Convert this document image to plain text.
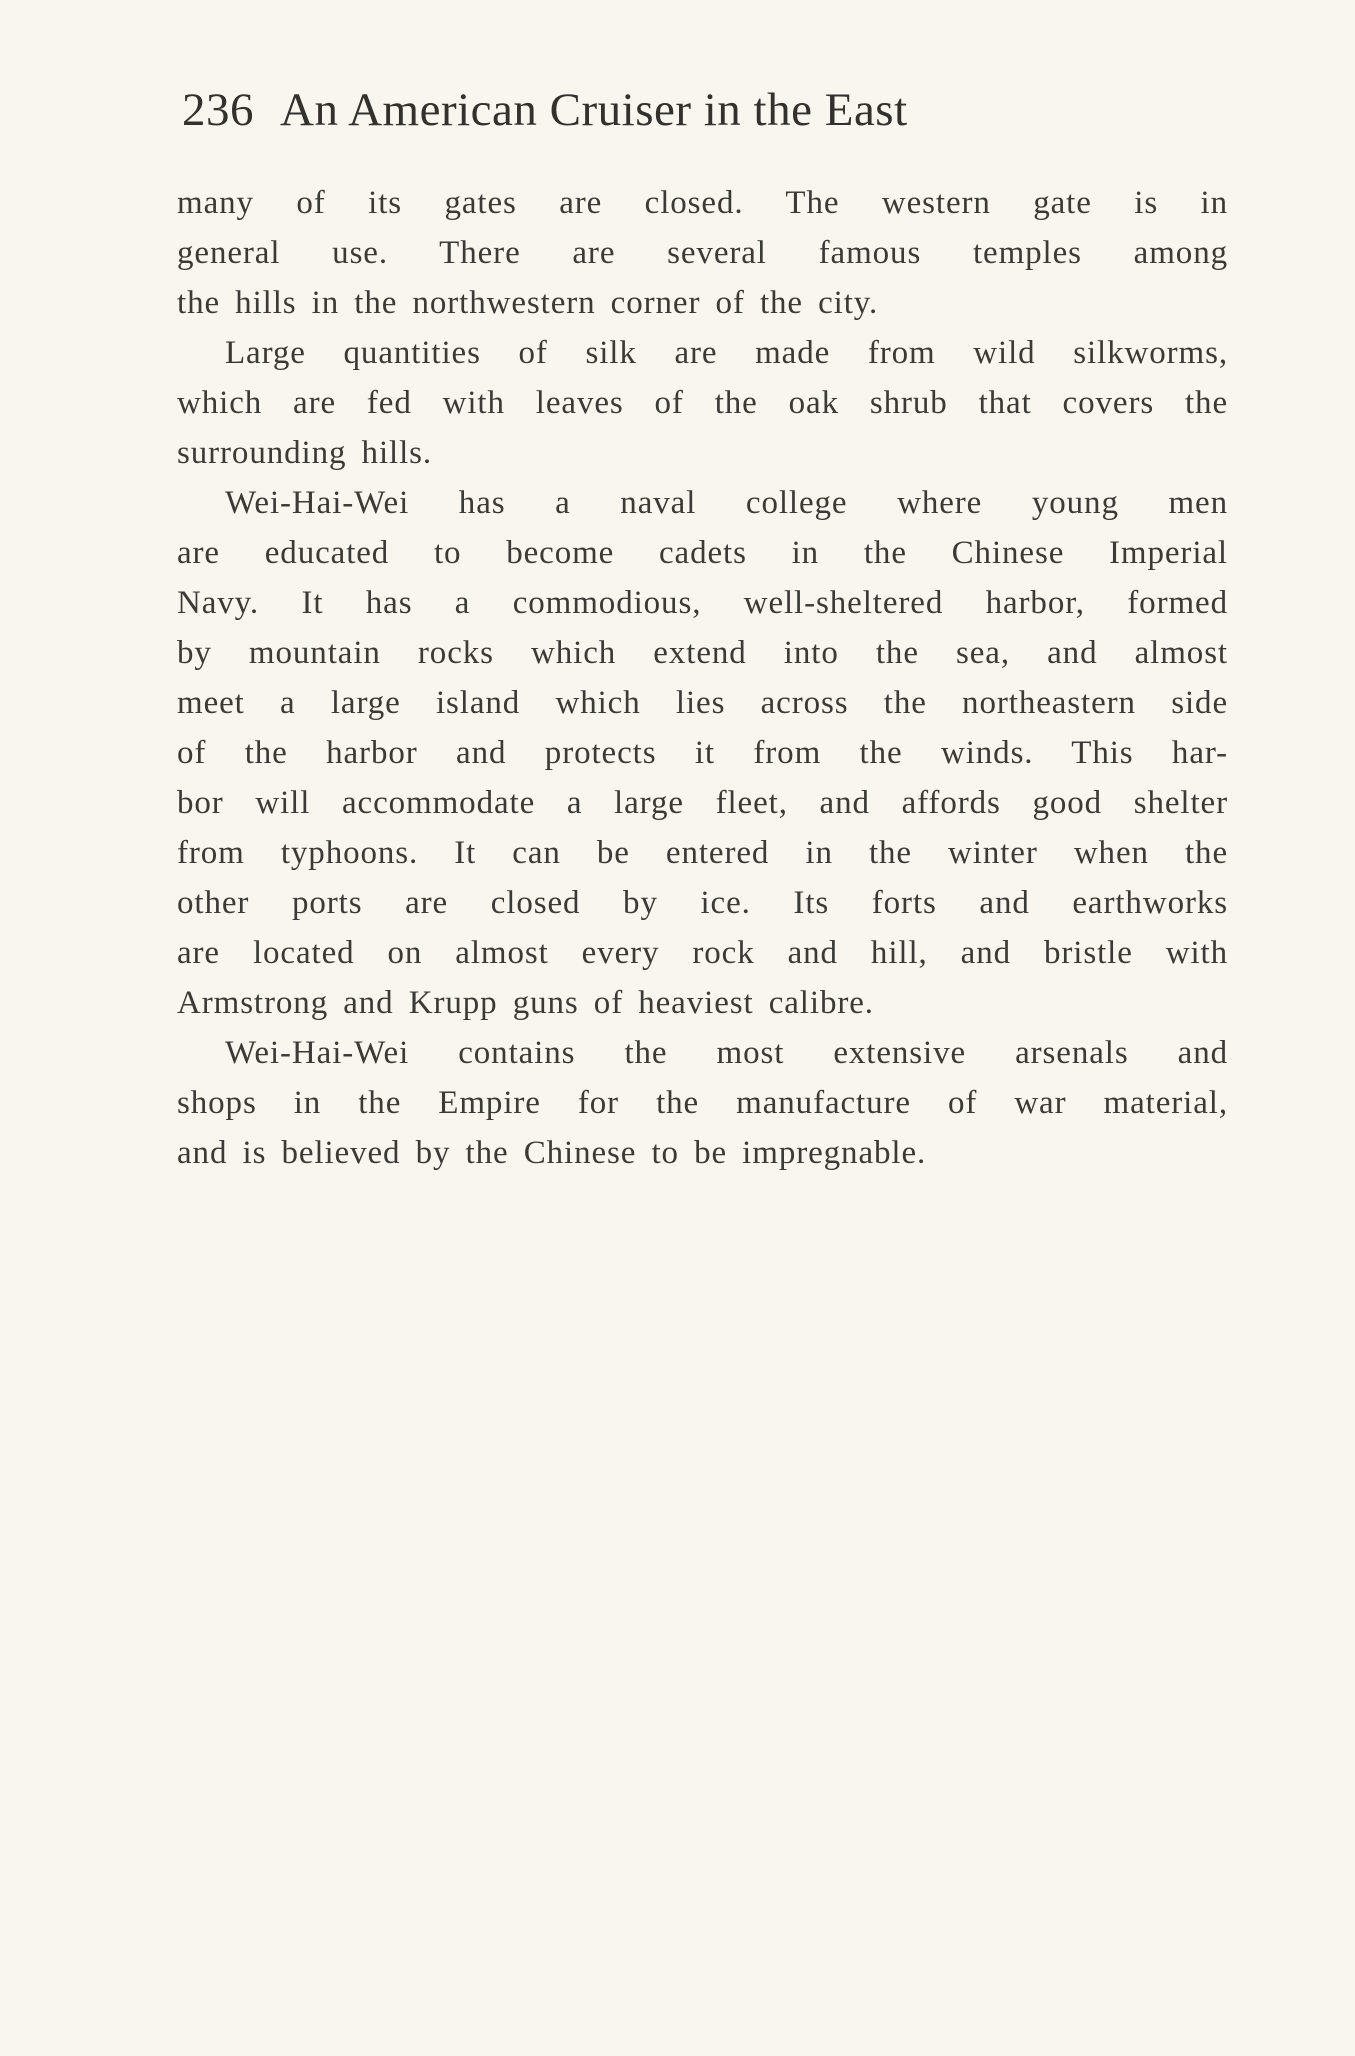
236 An American Cruiser in the East
many of its gates are closed. The western gate is in
general use. There are several famous temples among
the hills in the northwestern corner of the city.
Large quantities of silk are made from wild silkworms,
which are fed with leaves of the oak shrub that covers the
surrounding hills.
Wei-Hai-Wei has a naval college where young men
are educated to become cadets in the Chinese Imperial
Navy. It has a commodious, well-sheltered harbor, formed
by mountain rocks which extend into the sea, and almost
meet a large island which lies across the northeastern side
of the harbor and protects it from the winds. This har-
bor will accommodate a large fleet, and affords good shelter
from typhoons. It can be entered in the winter when the
other ports are closed by ice. Its forts and earthworks
are located on almost every rock and hill, and bristle with
Armstrong and Krupp guns of heaviest calibre.
Wei-Hai-Wei contains the most extensive arsenals and
shops in the Empire for the manufacture of war material,
and is believed by the Chinese to be impregnable.
